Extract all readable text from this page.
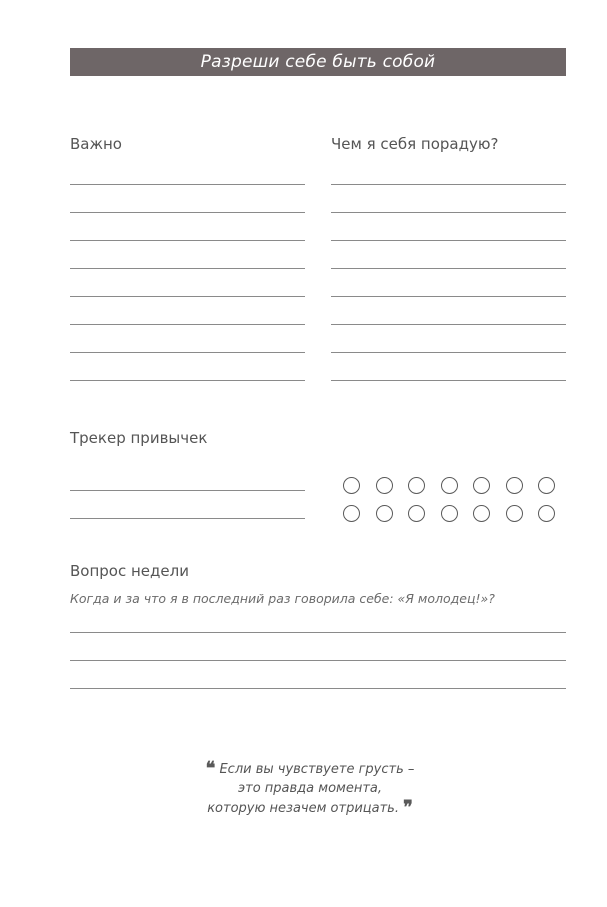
Разреши себе быть собой
Важно	Чем я себя порадую?
Трекер привычек
Вопрос недели
Когда и за что я в последний раз говорила себе: «Я молодец!»?
❝ Если вы чувствуете грусть –
это правда момента,
которую незачем отрицать. ❞
